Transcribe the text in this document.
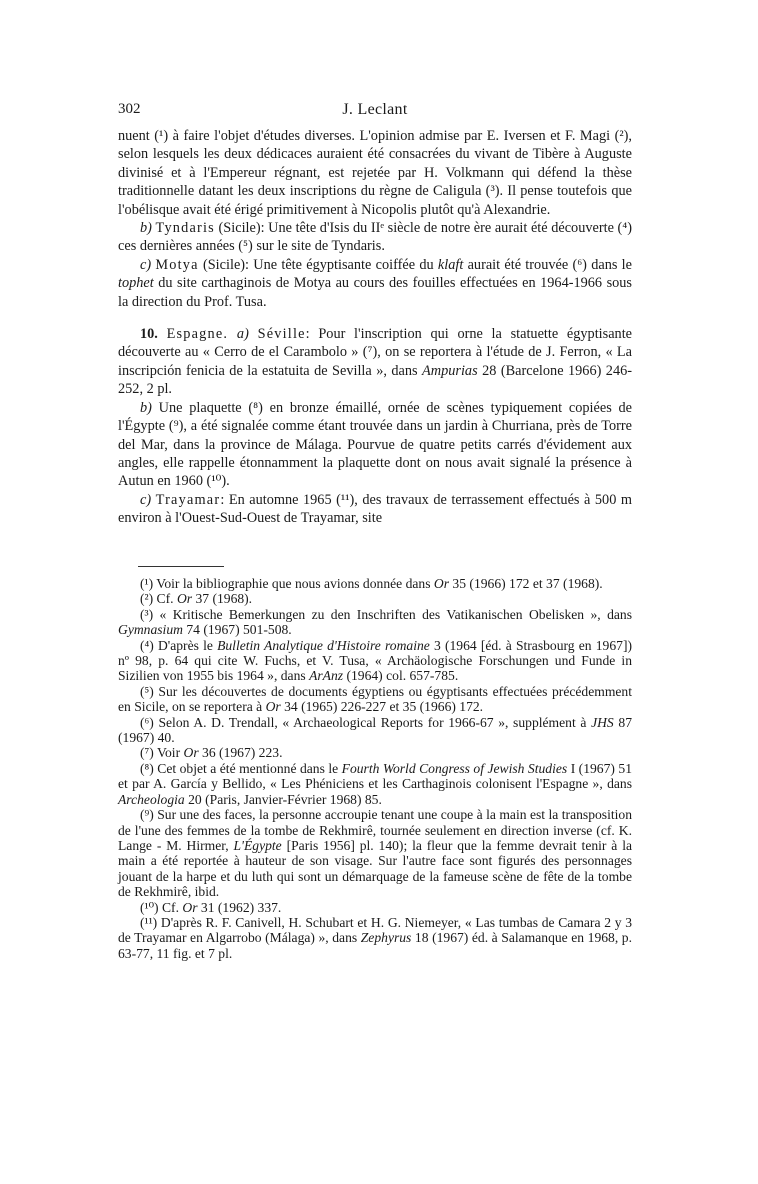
302	J. Leclant

nuent (¹) à faire l'objet d'études diverses. L'opinion admise par E. Iversen et F. Magi (²), selon lesquels les deux dédicaces auraient été consacrées du vivant de Tibère à Auguste divinisé et à l'Empereur régnant, est rejetée par H. Volkmann qui défend la thèse traditionnelle datant les deux inscriptions du règne de Caligula (³). Il pense toutefois que l'obélisque avait été érigé primitivement à Nicopolis plutôt qu'à Alexandrie.

b) Tyndaris (Sicile): Une tête d'Isis du IIᵉ siècle de notre ère aurait été découverte (⁴) ces dernières années (⁵) sur le site de Tyndaris.

c) Motya (Sicile): Une tête égyptisante coiffée du klaft aurait été trouvée (⁶) dans le tophet du site carthaginois de Motya au cours des fouilles effectuées en 1964-1966 sous la direction du Prof. Tusa.

10. Espagne. a) Séville: Pour l'inscription qui orne la statuette égyptisante découverte au « Cerro de el Carambolo » (⁷), on se reportera à l'étude de J. Ferron, « La inscripción fenicia de la estatuita de Sevilla », dans Ampurias 28 (Barcelone 1966) 246-252, 2 pl.

b) Une plaquette (⁸) en bronze émaillé, ornée de scènes typiquement copiées de l'Égypte (⁹), a été signalée comme étant trouvée dans un jardin à Churriana, près de Torre del Mar, dans la province de Málaga. Pourvue de quatre petits carrés d'évidement aux angles, elle rappelle étonnamment la plaquette dont on nous avait signalé la présence à Autun en 1960 (¹⁰).

c) Trayamar: En automne 1965 (¹¹), des travaux de terrassement effectués à 500 m environ à l'Ouest-Sud-Ouest de Trayamar, site

(¹) Voir la bibliographie que nous avions donnée dans Or 35 (1966) 172 et 37 (1968).

(²) Cf. Or 37 (1968).

(³) « Kritische Bemerkungen zu den Inschriften des Vatikanischen Obelisken », dans Gymnasium 74 (1967) 501-508.

(⁴) D'après le Bulletin Analytique d'Histoire romaine 3 (1964 [éd. à Strasbourg en 1967]) nº 98, p. 64 qui cite W. Fuchs, et V. Tusa, « Archäologische Forschungen und Funde in Sizilien von 1955 bis 1964 », dans ArAnz (1964) col. 657-785.

(⁵) Sur les découvertes de documents égyptiens ou égyptisants effectuées précédemment en Sicile, on se reportera à Or 34 (1965) 226-227 et 35 (1966) 172.

(⁶) Selon A. D. Trendall, « Archaeological Reports for 1966-67 », supplément à JHS 87 (1967) 40.

(⁷) Voir Or 36 (1967) 223.

(⁸) Cet objet a été mentionné dans le Fourth World Congress of Jewish Studies I (1967) 51 et par A. García y Bellido, « Les Phéniciens et les Carthaginois colonisent l'Espagne », dans Archeologia 20 (Paris, Janvier-Février 1968) 85.

(⁹) Sur une des faces, la personne accroupie tenant une coupe à la main est la transposition de l'une des femmes de la tombe de Rekhmirê, tournée seulement en direction inverse (cf. K. Lange - M. Hirmer, L'Égypte [Paris 1956] pl. 140); la fleur que la femme devrait tenir à la main a été reportée à hauteur de son visage. Sur l'autre face sont figurés des personnages jouant de la harpe et du luth qui sont un démarquage de la fameuse scène de fête de la tombe de Rekhmirê, ibid.

(¹⁰) Cf. Or 31 (1962) 337.

(¹¹) D'après R. F. Canivell, H. Schubart et H. G. Niemeyer, « Las tumbas de Camara 2 y 3 de Trayamar en Algarrobo (Málaga) », dans Zephyrus 18 (1967) éd. à Salamanque en 1968, p. 63-77, 11 fig. et 7 pl.
